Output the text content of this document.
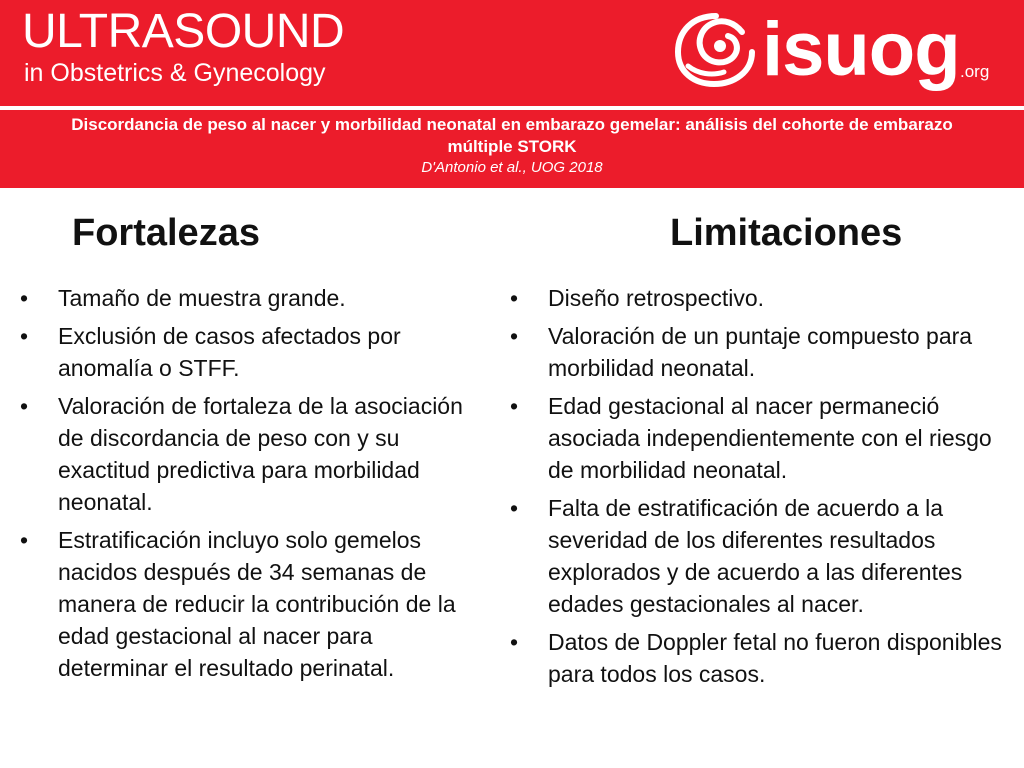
ULTRASOUND
in Obstetrics & Gynecology	isuog .org
Discordancia de peso al nacer y morbilidad neonatal en embarazo gemelar: análisis del cohorte de embarazo múltiple STORK
D'Antonio et al., UOG 2018
Fortalezas	Limitaciones
• Tamaño de muestra grande.
• Exclusión de casos afectados por anomalía o STFF.
• Valoración de fortaleza de la asociación de discordancia de peso con y su exactitud predictiva para morbilidad neonatal.
• Estratificación incluyo solo gemelos nacidos después de 34 semanas de manera de reducir la contribución de la edad gestacional al nacer para determinar el resultado perinatal.
• Diseño retrospectivo.
• Valoración de un puntaje compuesto para morbilidad neonatal.
• Edad gestacional al nacer permaneció asociada independientemente con el riesgo de morbilidad neonatal.
• Falta de estratificación de acuerdo a la severidad de los diferentes resultados explorados y de acuerdo a las diferentes edades gestacionales al nacer.
• Datos de Doppler fetal no fueron disponibles para todos los casos.
